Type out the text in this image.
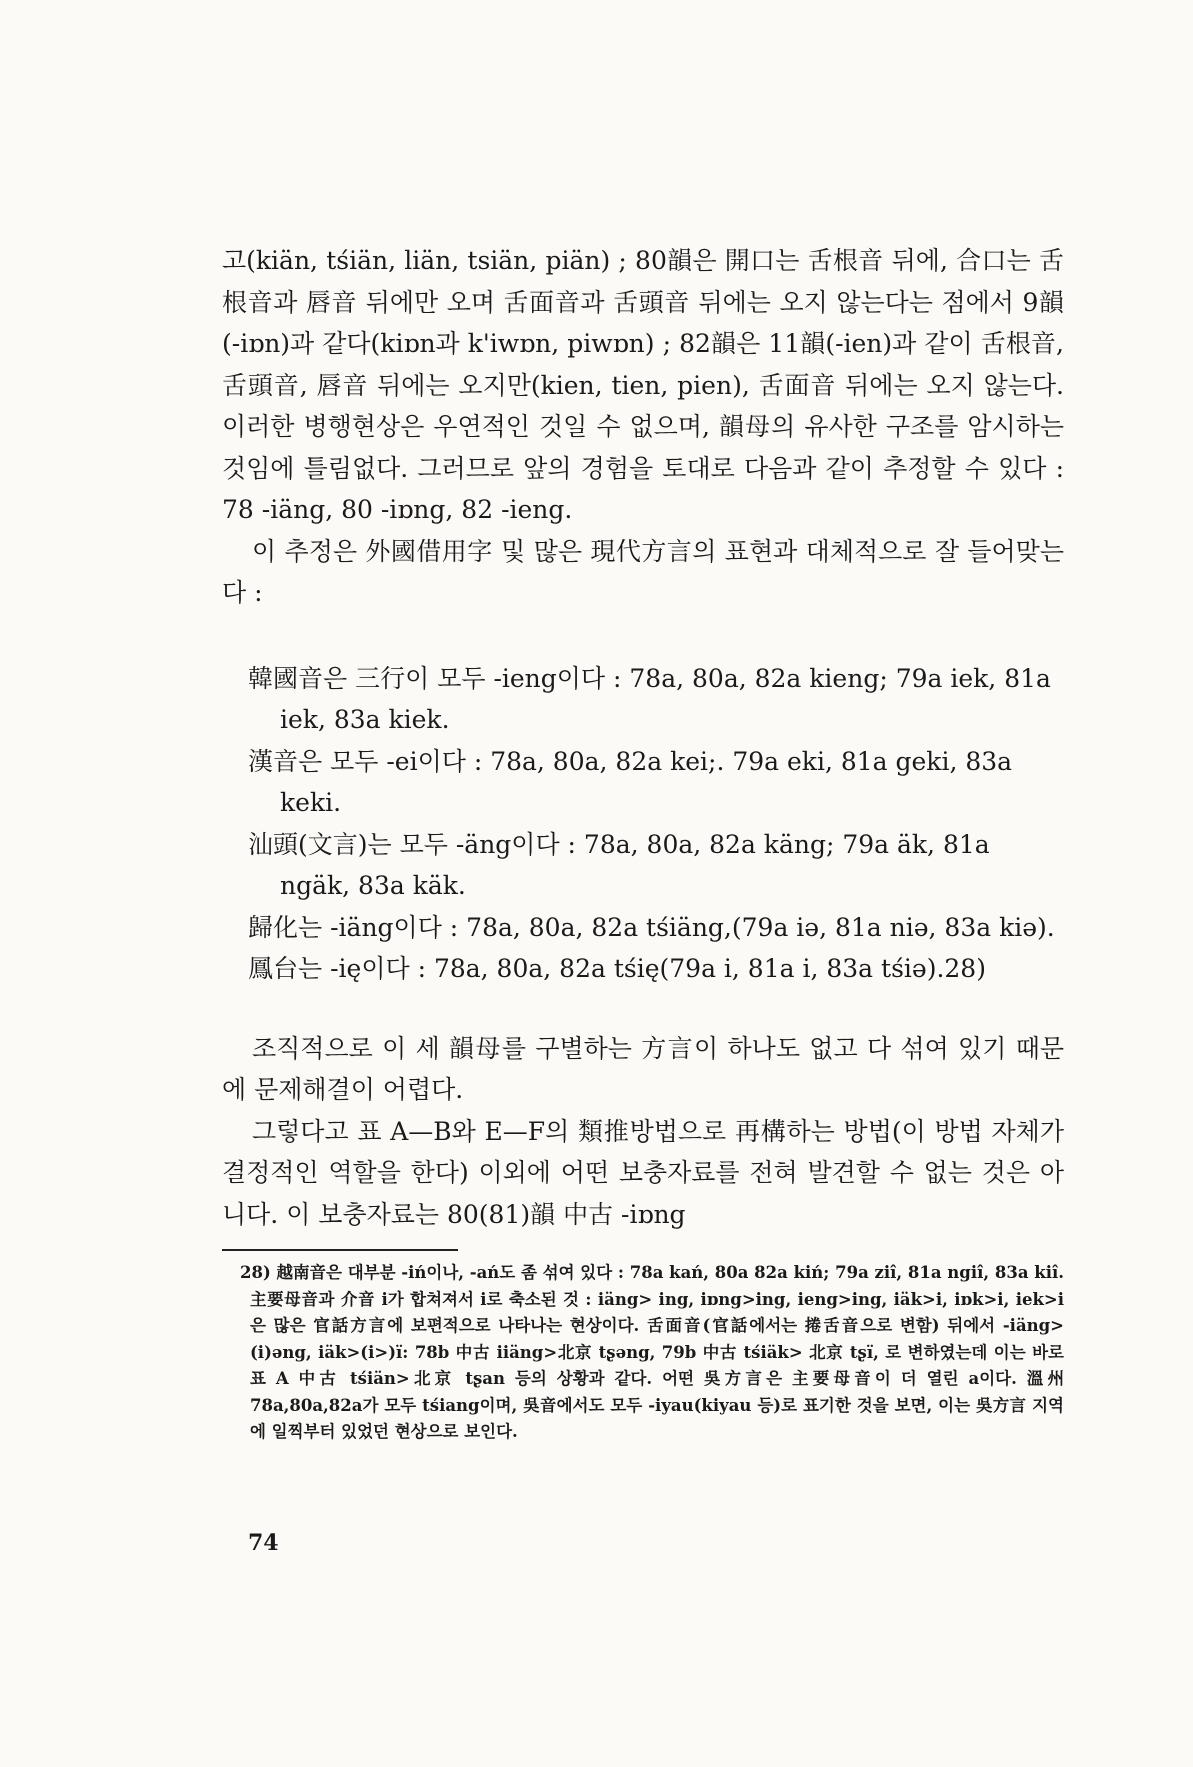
고(kiän, tśiän, liän, tsiän, piän) ; 80韻은 開口는 舌根音 뒤에, 合口는 舌根音과 唇音 뒤에만 오며 舌面音과 舌頭音 뒤에는 오지 않는다는 점에서 9韻(-iɒn)과 같다(kiɒn과 k'iwɒn, piwɒn) ; 82韻은 11韻(-ien)과 같이 舌根音, 舌頭音, 唇音 뒤에는 오지만(kien, tien, pien), 舌面音 뒤에는 오지 않는다. 이러한 병행현상은 우연적인 것일 수 없으며, 韻母의 유사한 구조를 암시하는 것임에 틀림없다. 그러므로 앞의 경험을 토대로 다음과 같이 추정할 수 있다 : 78 -iäng, 80 -iɒng, 82 -ieng.

이 추정은 外國借用字 및 많은 現代方言의 표현과 대체적으로 잘 들어맞는다 :

韓國音은 三行이 모두 -ieng이다 : 78a, 80a, 82a kieng; 79a iek, 81a iek, 83a kiek.
漢音은 모두 -ei이다 : 78a, 80a, 82a kei;. 79a eki, 81a geki, 83a keki.
汕頭(文言)는 모두 -äng이다 : 78a, 80a, 82a käng; 79a äk, 81a ngäk, 83a käk.
歸化는 -iäng이다 : 78a, 80a, 82a tśiäng,(79a iə, 81a niə, 83a kiə).
鳳台는 -ię이다 : 78a, 80a, 82a tśię(79a i, 81a i, 83a tśiə).28)

조직적으로 이 세 韻母를 구별하는 方言이 하나도 없고 다 섞여 있기 때문에 문제해결이 어렵다.

그렇다고 표 A—B와 E—F의 類推방법으로 再構하는 방법(이 방법 자체가 결정적인 역할을 한다) 이외에 어떤 보충자료를 전혀 발견할 수 없는 것은 아니다. 이 보충자료는 80(81)韻 中古 -iɒng

28) 越南音은 대부분 -iń이나, -ań도 좀 섞여 있다 : 78a kań, 80a 82a kiń; 79a ziî, 81a ngiî, 83a kiî. 主要母音과 介音 i가 합쳐져서 i로 축소된 것 : iäng> ing, iɒng>ing, ieng>ing, iäk>i, iɒk>i, iek>i은 많은 官話方言에 보편적으로 나타나는 현상이다. 舌面音(官話에서는 捲舌音으로 변함) 뒤에서 -iäng> (i)əng, iäk>(i>)ï: 78b 中古 iiäng>北京 tʂəng, 79b 中古 tśiäk> 北京 tʂï, 로 변하였는데 이는 바로 표 A 中古 tśiän>北京 tʂan 등의 상황과 같다. 어떤 吳方言은 主要母音이 더 열린 a이다. 溫州 78a,80a,82a가 모두 tśiang이며, 吳音에서도 모두 -iyau(kiyau 등)로 표기한 것을 보면, 이는 吳方言 지역에 일찍부터 있었던 현상으로 보인다.
74
